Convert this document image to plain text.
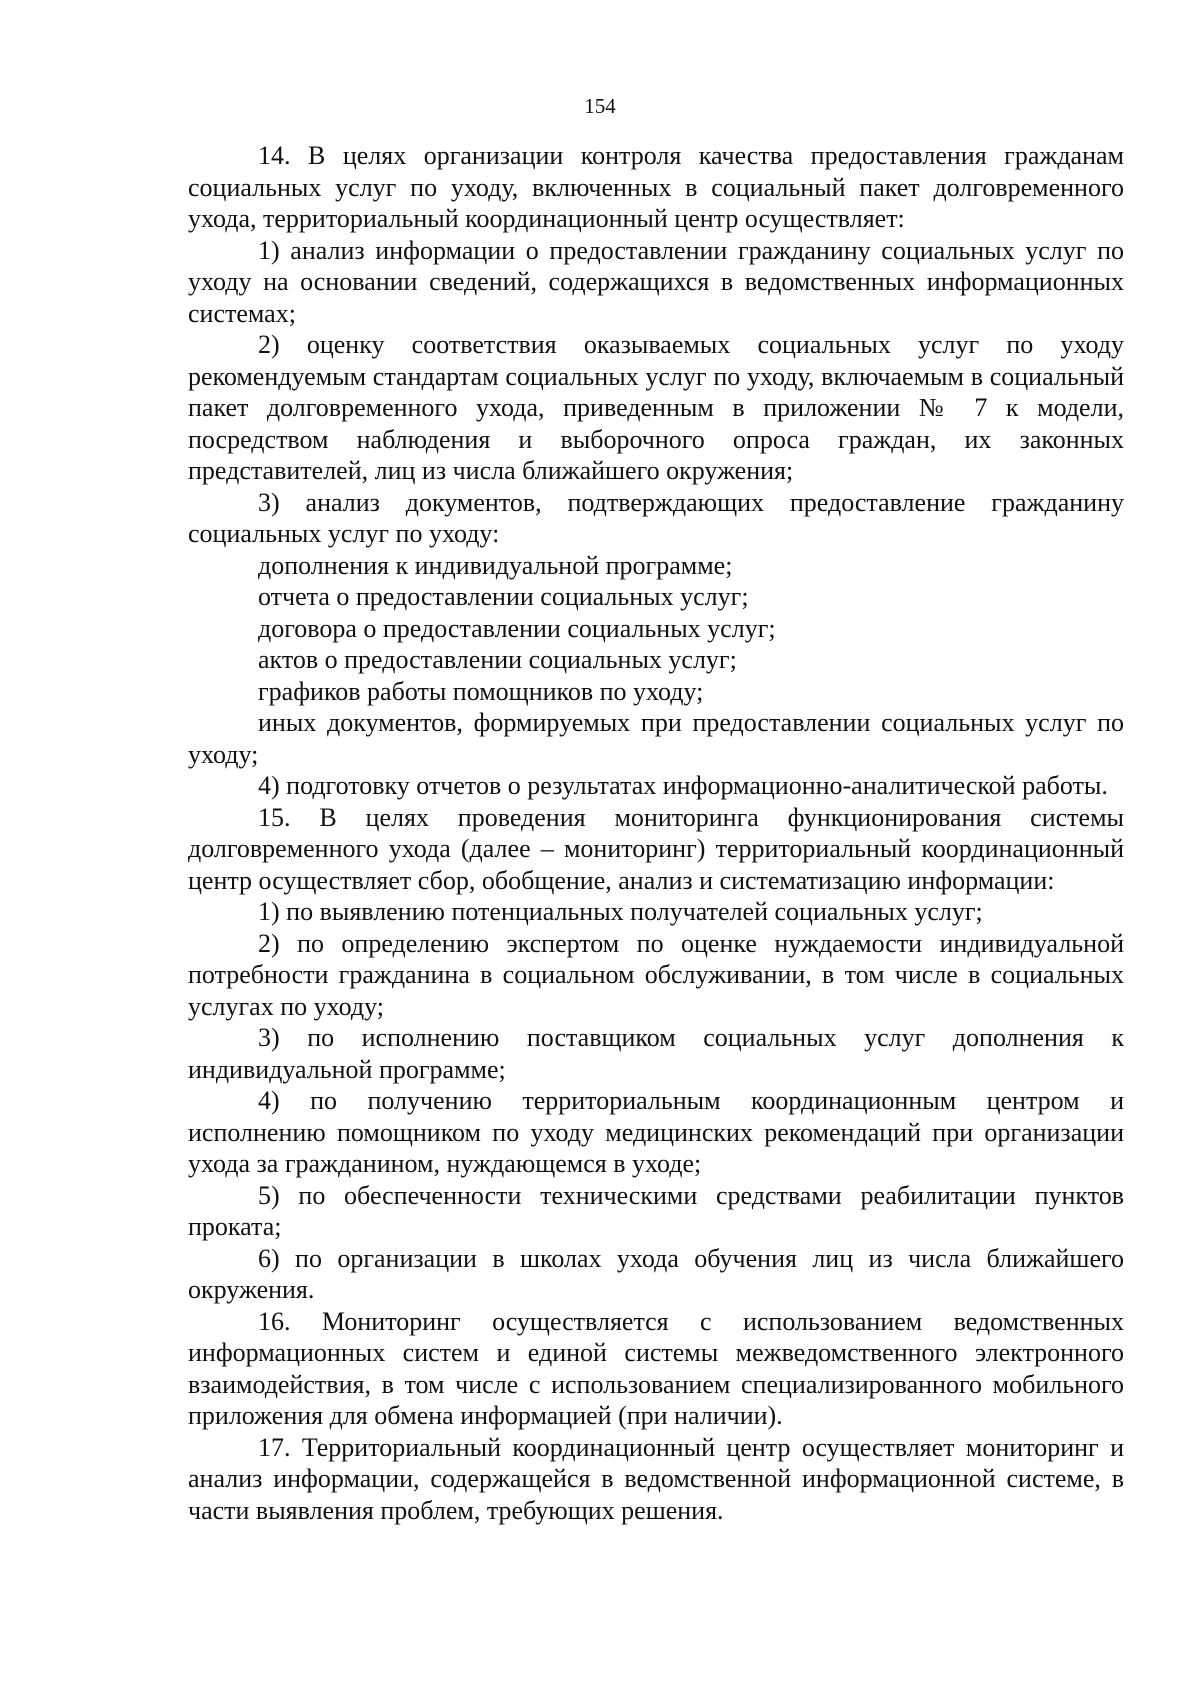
154

14. В целях организации контроля качества предоставления гражданам социальных услуг по уходу, включенных в социальный пакет долговременного ухода, территориальный координационный центр осуществляет:

1) анализ информации о предоставлении гражданину социальных услуг по уходу на основании сведений, содержащихся в ведомственных информационных системах;

2) оценку соответствия оказываемых социальных услуг по уходу рекомендуемым стандартам социальных услуг по уходу, включаемым в социальный пакет долговременного ухода, приведенным в приложении № 7 к модели, посредством наблюдения и выборочного опроса граждан, их законных представителей, лиц из числа ближайшего окружения;

3) анализ документов, подтверждающих предоставление гражданину социальных услуг по уходу:

дополнения к индивидуальной программе;

отчета о предоставлении социальных услуг;

договора о предоставлении социальных услуг;

актов о предоставлении социальных услуг;

графиков работы помощников по уходу;

иных документов, формируемых при предоставлении социальных услуг по уходу;

4) подготовку отчетов о результатах информационно-аналитической работы.

15. В целях проведения мониторинга функционирования системы долговременного ухода (далее – мониторинг) территориальный координационный центр осуществляет сбор, обобщение, анализ и систематизацию информации:

1) по выявлению потенциальных получателей социальных услуг;

2) по определению экспертом по оценке нуждаемости индивидуальной потребности гражданина в социальном обслуживании, в том числе в социальных услугах по уходу;

3) по исполнению поставщиком социальных услуг дополнения к индивидуальной программе;

4) по получению территориальным координационным центром и исполнению помощником по уходу медицинских рекомендаций при организации ухода за гражданином, нуждающемся в уходе;

5) по обеспеченности техническими средствами реабилитации пунктов проката;

6) по организации в школах ухода обучения лиц из числа ближайшего окружения.

16. Мониторинг осуществляется с использованием ведомственных информационных систем и единой системы межведомственного электронного взаимодействия, в том числе с использованием специализированного мобильного приложения для обмена информацией (при наличии).

17. Территориальный координационный центр осуществляет мониторинг и анализ информации, содержащейся в ведомственной информационной системе, в части выявления проблем, требующих решения.
